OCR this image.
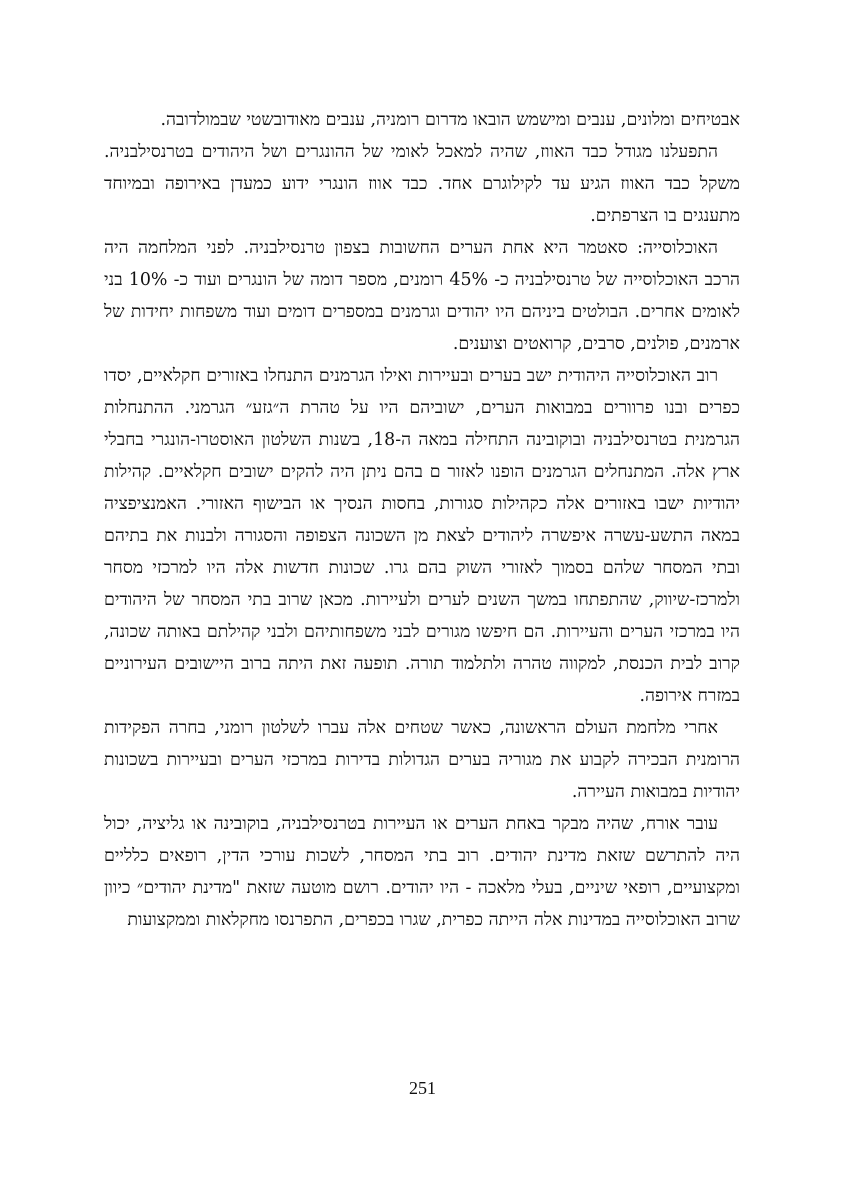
אבטיחים ומלונים, ענבים ומישמש הובאו מדרום רומניה, ענבים מאודובשטי שבמולדובה.

התפעלנו מגודל כבד האווז, שהיה למאכל לאומי של ההונגרים ושל היהודים בטרנסילבניה. משקל כבד האווז הגיע עד לקילוגרם אחד. כבד אווז הונגרי ידוע כמעדן באירופה ובמיוחד מתענגים בו הצרפתים.

האוכלוסייה: סאטמר היא אחת הערים החשובות בצפון טרנסילבניה. לפני המלחמה היה הרכב האוכלוסייה של טרנסילבניה כ- 45% רומנים, מספר דומה של הונגרים ועוד כ- 10% בני לאומים אחרים. הבולטים ביניהם היו יהודים וגרמנים במספרים דומים ועוד משפחות יחידות של ארמנים, פולנים, סרבים, קרואטים וצוענים.

רוב האוכלוסייה היהודית ישב בערים ובעיירות ואילו הגרמנים התנחלו באזורים חקלאיים, יסדו כפרים ובנו פרוורים במבואות הערים, ישוביהם היו על טהרת ה״גזע״ הגרמני. ההתנחלות הגרמנית בטרנסילבניה ובוקובינה התחילה במאה ה-18, בשנות השלטון האוסטרו-הונגרי בחבלי ארץ אלה. המתנחלים הגרמנים הופנו לאזור ם בהם ניתן היה להקים ישובים חקלאיים. קהילות יהודיות ישבו באזורים אלה כקהילות סגורות, בחסות הנסיך או הבישוף האזורי. האמנציפציה במאה התשע-עשרה איפשרה ליהודים לצאת מן השכונה הצפופה והסגורה ולבנות את בתיהם ובתי המסחר שלהם בסמוך לאזורי השוק בהם גרו. שכונות חדשות אלה היו למרכזי מסחר ולמרכז-שיווק, שהתפתחו במשך השנים לערים ולעיירות. מכאן שרוב בתי המסחר של היהודים היו במרכזי הערים והעיירות. הם חיפשו מגורים לבני משפחותיהם ולבני קהילתם באותה שכונה, קרוב לבית הכנסת, למקווה טהרה ולתלמוד תורה. תופעה זאת היתה ברוב היישובים העירוניים במזרח אירופה.

אחרי מלחמת העולם הראשונה, כאשר שטחים אלה עברו לשלטון רומני, בחרה הפקידות הרומנית הבכירה לקבוע את מגוריה בערים הגדולות בדירות במרכזי הערים ובעיירות בשכונות יהודיות במבואות העיירה.

עובר אורח, שהיה מבקר באחת הערים או העיירות בטרנסילבניה, בוקובינה או גליציה, יכול היה להתרשם שזאת מדינת יהודים. רוב בתי המסחר, לשכות עורכי הדין, רופאים כלליים ומקצועיים, רופאי שיניים, בעלי מלאכה - היו יהודים. רושם מוטעה שזאת "מדינת יהודים״ כיוון שרוב האוכלוסייה במדינות אלה הייתה כפרית, שגרו בכפרים, התפרנסו מחקלאות וממקצועות

251
